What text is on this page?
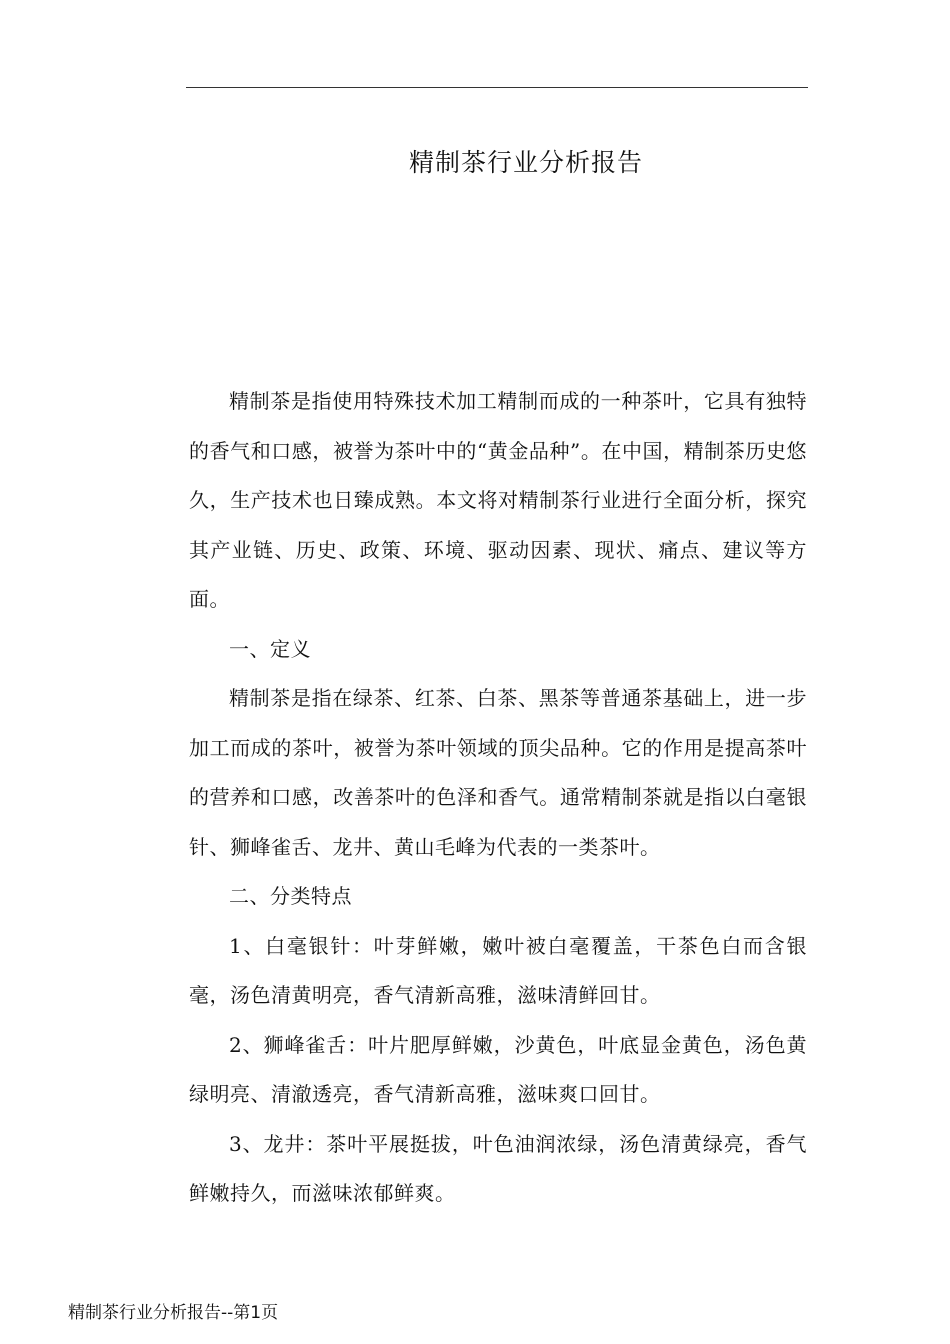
精制茶行业分析报告

精制茶是指使用特殊技术加工精制而成的一种茶叶，它具有独特的香气和口感，被誉为茶叶中的“黄金品种”。在中国，精制茶历史悠久，生产技术也日臻成熟。本文将对精制茶行业进行全面分析，探究其产业链、历史、政策、环境、驱动因素、现状、痛点、建议等方面。

一、定义

精制茶是指在绿茶、红茶、白茶、黑茶等普通茶基础上，进一步加工而成的茶叶，被誉为茶叶领域的顶尖品种。它的作用是提高茶叶的营养和口感，改善茶叶的色泽和香气。通常精制茶就是指以白毫银针、狮峰雀舌、龙井、黄山毛峰为代表的一类茶叶。

二、分类特点

1、白毫银针：叶芽鲜嫩，嫩叶被白毫覆盖，干茶色白而含银毫，汤色清黄明亮，香气清新高雅，滋味清鲜回甘。

2、狮峰雀舌：叶片肥厚鲜嫩，沙黄色，叶底显金黄色，汤色黄绿明亮、清澈透亮，香气清新高雅，滋味爽口回甘。

3、龙井：茶叶平展挺拔，叶色油润浓绿，汤色清黄绿亮，香气鲜嫩持久，而滋味浓郁鲜爽。

精制茶行业分析报告--第1页
